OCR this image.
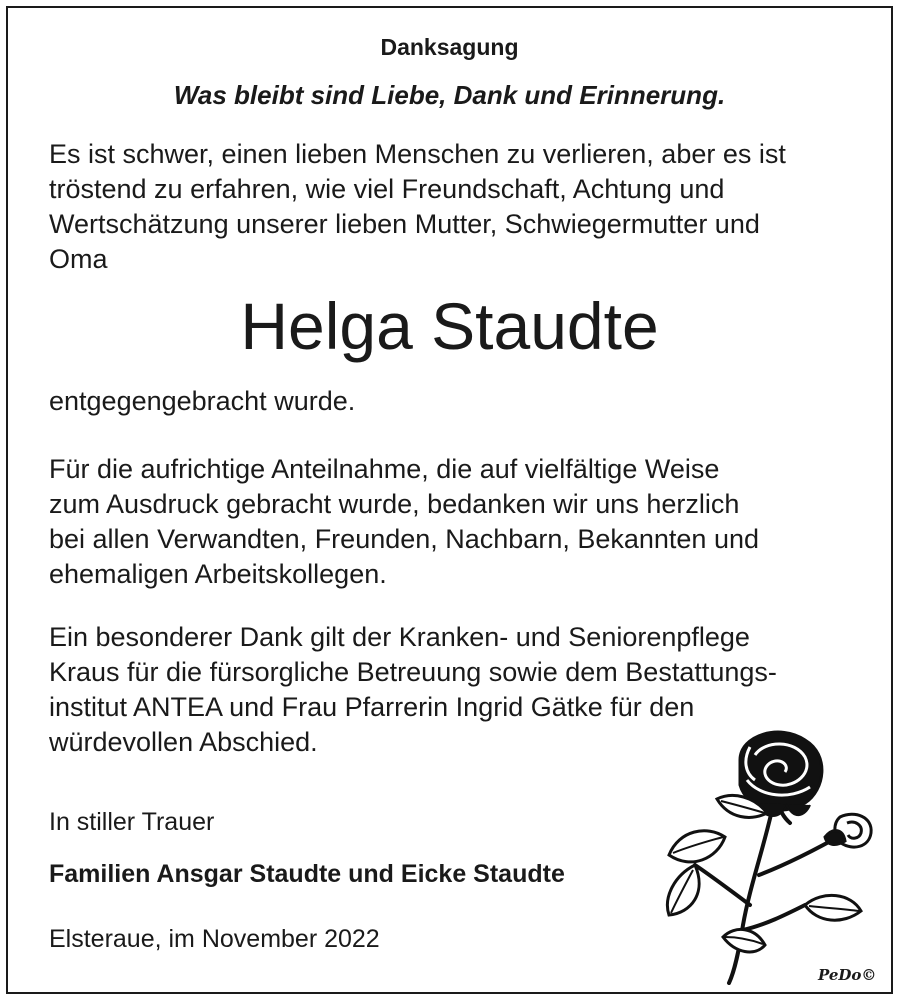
Danksagung
Was bleibt sind Liebe, Dank und Erinnerung.
Es ist schwer, einen lieben Menschen zu verlieren, aber es ist
tröstend zu erfahren, wie viel Freundschaft, Achtung und
Wertschätzung unserer lieben Mutter, Schwiegermutter und
Oma
Helga Staudte
entgegengebracht wurde.
Für die aufrichtige Anteilnahme, die auf vielfältige Weise
zum Ausdruck gebracht wurde, bedanken wir uns herzlich
bei allen Verwandten, Freunden, Nachbarn, Bekannten und
ehemaligen Arbeitskollegen.
Ein besonderer Dank gilt der Kranken- und Seniorenpflege
Kraus für die fürsorgliche Betreuung sowie dem Bestattungs-
institut ANTEA und Frau Pfarrerin Ingrid Gätke für den
würdevollen Abschied.
In stiller Trauer
Familien Ansgar Staudte und Eicke Staudte
Elsteraue, im November 2022
PeDo©
